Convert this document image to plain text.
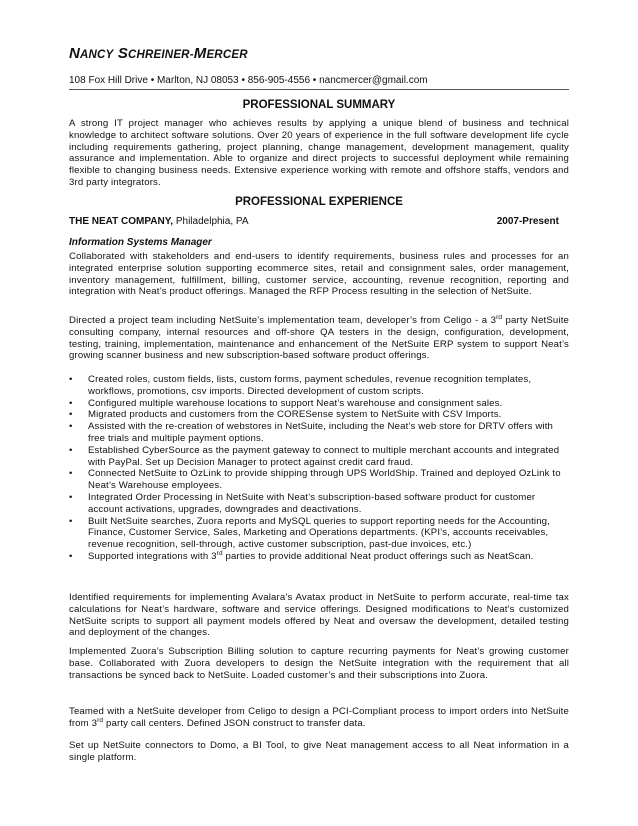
NANCY SCHREINER-MERCER
108 Fox Hill Drive • Marlton, NJ 08053 • 856-905-4556 • nancmercer@gmail.com
PROFESSIONAL SUMMARY

A strong IT project manager who achieves results by applying a unique blend of business and technical knowledge to architect software solutions. Over 20 years of experience in the full software development life cycle including requirements gathering, project planning, change management, development management, quality assurance and implementation. Able to organize and direct projects to successful deployment while remaining flexible to changing business needs. Extensive experience working with remote and offshore staffs, vendors and 3rd party integrators.

PROFESSIONAL EXPERIENCE
THE NEAT COMPANY, Philadelphia, PA	2007-Present
Information Systems Manager

Collaborated with stakeholders and end-users to identify requirements, business rules and processes for an integrated enterprise solution supporting ecommerce sites, retail and consignment sales, order management, inventory management, fulfillment, billing, customer service, accounting, revenue recognition, reporting and integration with Neat’s product offerings. Managed the RFP Process resulting in the selection of NetSuite.

Directed a project team including NetSuite’s implementation team, developer’s from Celigo - a 3rd party NetSuite consulting company, internal resources and off-shore QA testers in the design, configuration, development, testing, training, implementation, maintenance and enhancement of the NetSuite ERP system to support Neat’s growing scanner business and new subscription-based software product offerings.

• Created roles, custom fields, lists, custom forms, payment schedules, revenue recognition templates, workflows, promotions, csv imports. Directed development of custom scripts.
• Configured multiple warehouse locations to support Neat’s warehouse and consignment sales.
• Migrated products and customers from the CORESense system to NetSuite with CSV Imports.
• Assisted with the re-creation of webstores in NetSuite, including the Neat’s web store for DRTV offers with free trials and multiple payment options.
• Established CyberSource as the payment gateway to connect to multiple merchant accounts and integrated with PayPal. Set up Decision Manager to protect against credit card fraud.
• Connected NetSuite to OzLink to provide shipping through UPS WorldShip. Trained and deployed OzLink to Neat’s Warehouse employees.
• Integrated Order Processing in NetSuite with Neat’s subscription-based software product for customer account activations, upgrades, downgrades and deactivations.
• Built NetSuite searches, Zuora reports and MySQL queries to support reporting needs for the Accounting, Finance, Customer Service, Sales, Marketing and Operations departments. (KPI’s, accounts receivables, revenue recognition, sell-through, active customer subscription, past-due invoices, etc.)
• Supported integrations with 3rd parties to provide additional Neat product offerings such as NeatScan.

Identified requirements for implementing Avalara’s Avatax product in NetSuite to perform accurate, real-time tax calculations for Neat’s hardware, software and service offerings. Designed modifications to Neat’s customized NetSuite scripts to support all payment models offered by Neat and oversaw the development, detailed testing and deployment of the changes.

Implemented Zuora’s Subscription Billing solution to capture recurring payments for Neat’s growing customer base. Collaborated with Zuora developers to design the NetSuite integration with the requirement that all transactions be synced back to NetSuite. Loaded customer’s and their subscriptions into Zuora.

Teamed with a NetSuite developer from Celigo to design a PCI-Compliant process to import orders into NetSuite from 3rd party call centers. Defined JSON construct to transfer data.

Set up NetSuite connectors to Domo, a BI Tool, to give Neat management access to all Neat information in a single platform.
